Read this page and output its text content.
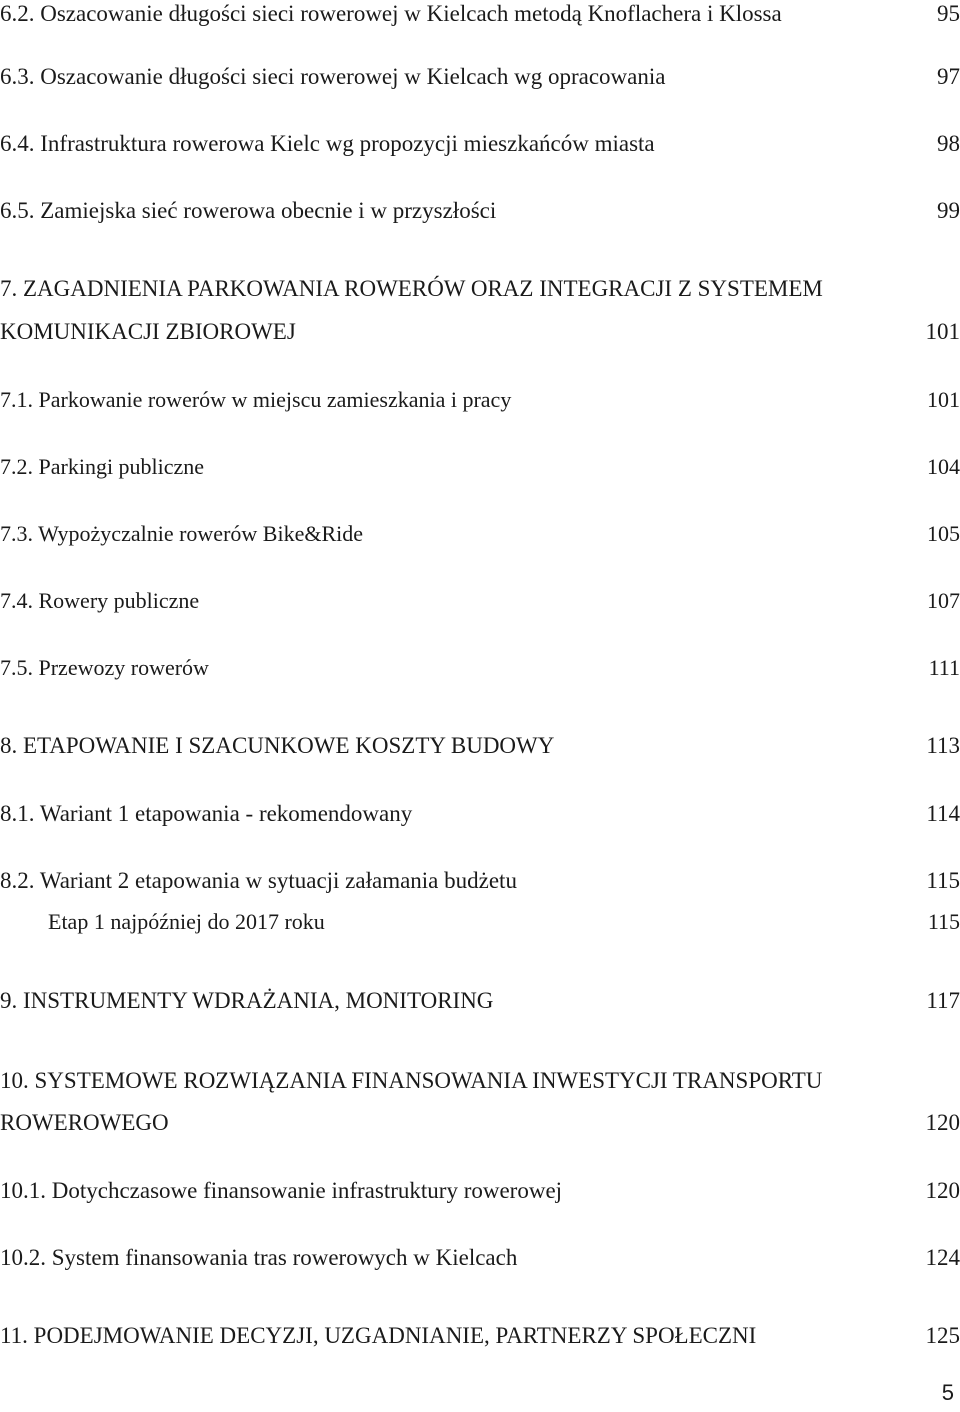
6.2. Oszacowanie długości sieci rowerowej w Kielcach metodą Knoflachera i Klossa	95
6.3. Oszacowanie długości sieci rowerowej w Kielcach wg opracowania	97
6.4. Infrastruktura rowerowa Kielc wg propozycji mieszkańców miasta	98
6.5. Zamiejska sieć rowerowa obecnie i w przyszłości	99
7. ZAGADNIENIA PARKOWANIA ROWERÓW ORAZ INTEGRACJI Z SYSTEMEM
KOMUNIKACJI ZBIOROWEJ	101
7.1. Parkowanie rowerów w miejscu zamieszkania i pracy	101
7.2. Parkingi publiczne	104
7.3. Wypożyczalnie rowerów Bike&Ride	105
7.4. Rowery publiczne	107
7.5. Przewozy rowerów	111
8. ETAPOWANIE I SZACUNKOWE KOSZTY BUDOWY	113
8.1. Wariant 1 etapowania - rekomendowany	114
8.2. Wariant 2 etapowania w sytuacji załamania budżetu	115
Etap 1 najpóźniej do 2017 roku	115
9. INSTRUMENTY WDRAŻANIA, MONITORING	117
10. SYSTEMOWE ROZWIĄZANIA FINANSOWANIA INWESTYCJI TRANSPORTU
ROWEROWEGO	120
10.1. Dotychczasowe finansowanie infrastruktury rowerowej	120
10.2. System finansowania tras rowerowych w Kielcach	124
11. PODEJMOWANIE DECYZJI, UZGADNIANIE, PARTNERZY SPOŁECZNI	125
5
